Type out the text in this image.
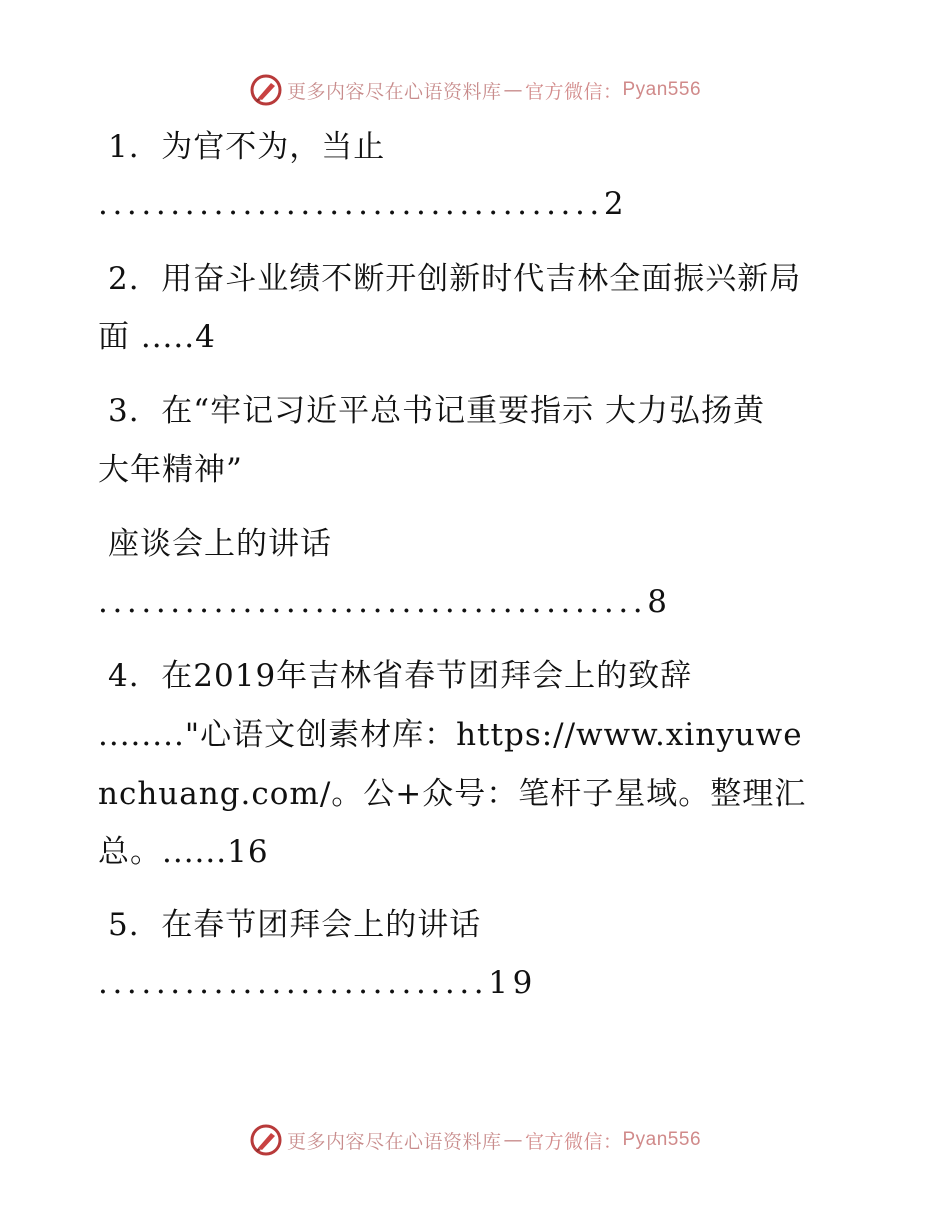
更多内容尽在心语资料库 — 官方微信： Pyan556
1.  为官不为，当止
...................................2
2.  用奋斗业绩不断开创新时代吉林全面振兴新局
面 .....4
3.  在“牢记习近平总书记重要指示 大力弘扬黄
大年精神”
座谈会上的讲话
......................................8
4.  在2019年吉林省春节团拜会上的致辞
........"心语文创素材库：https://www.xinyuwe
nchuang.com/。公+众号：笔杆子星域。整理汇
总。......16
5.  在春节团拜会上的讲话
...........................19
更多内容尽在心语资料库 — 官方微信： Pyan556
